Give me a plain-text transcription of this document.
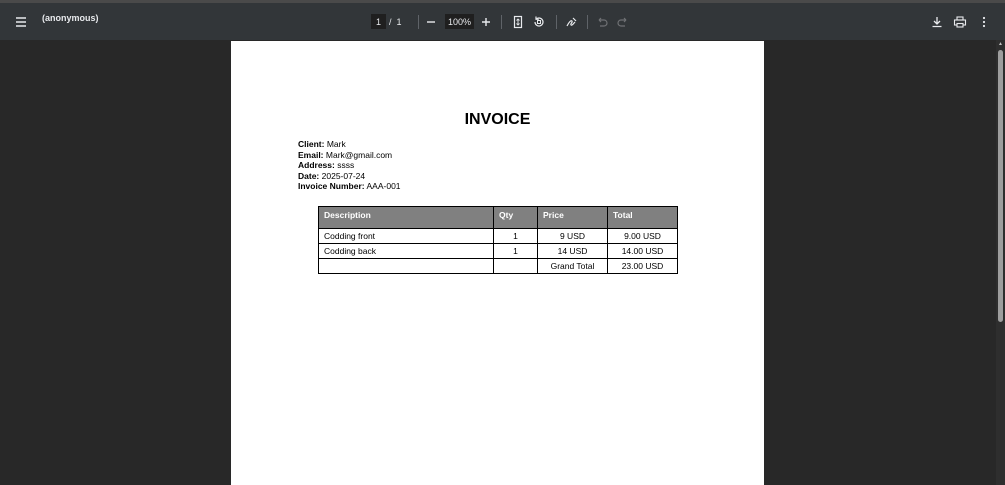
(anonymous)	1 /
1	100%
INVOICE
Client: Mark
Email: Mark@gmail.com
Address: ssss
Date: 2025-07-24
Invoice Number: AAA-001
Description	Qty	Price	Total
Codding front	1	9 USD	9.00 USD
Codding back	1	14 USD	14.00 USD
		Grand Total	23.00 USD
▲
